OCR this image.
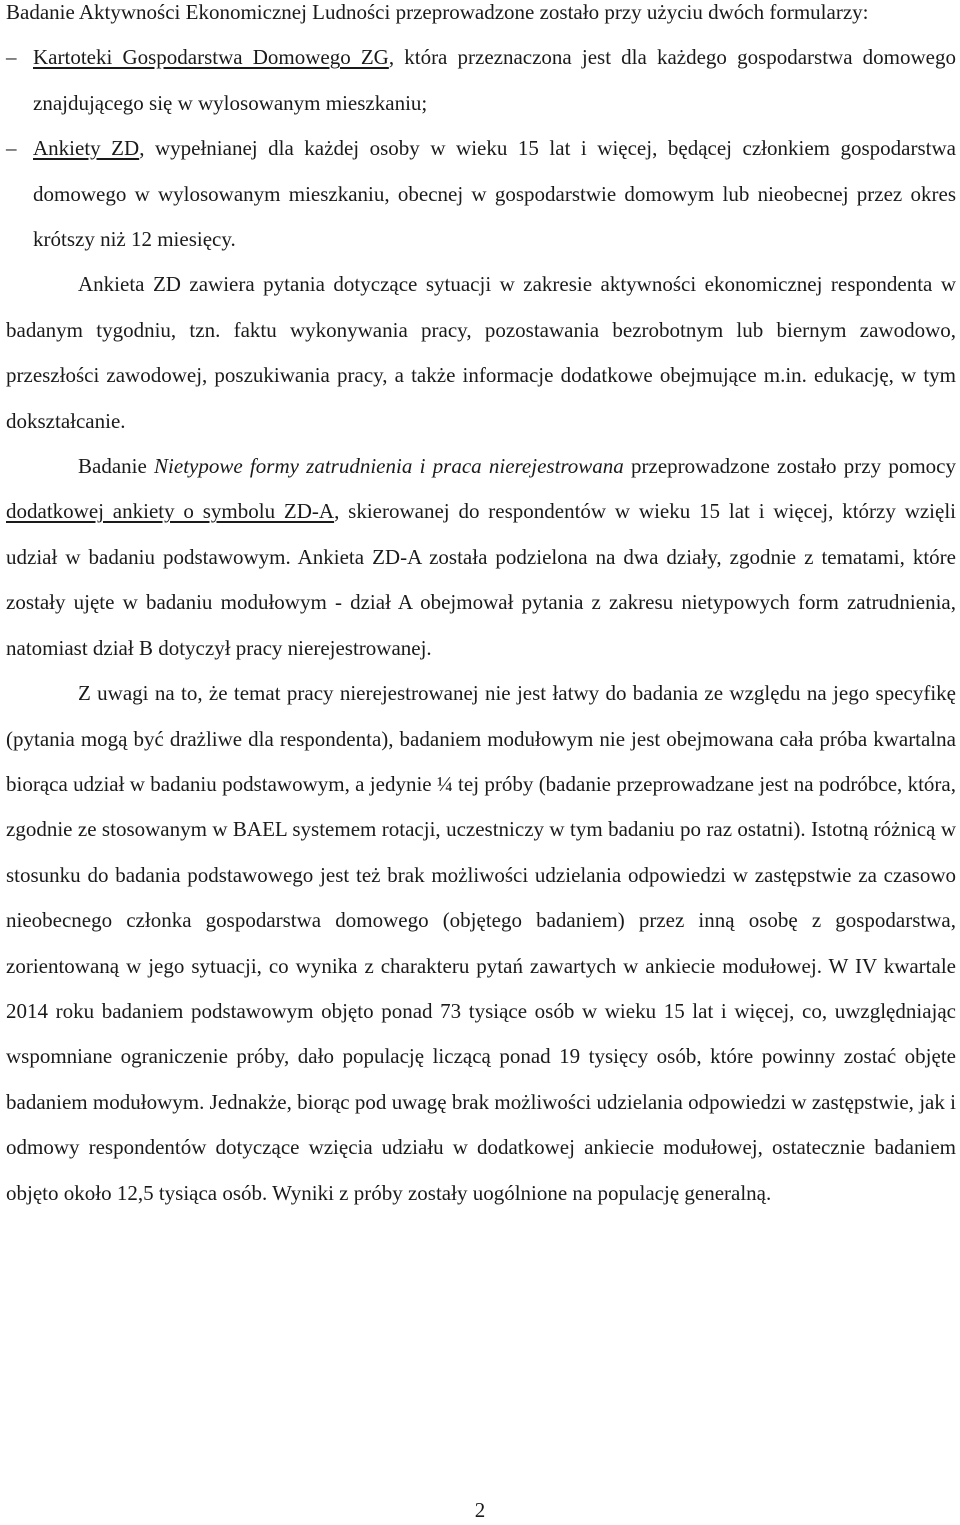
Badanie Aktywności Ekonomicznej Ludności przeprowadzone zostało przy użyciu dwóch formularzy:

– Kartoteki Gospodarstwa Domowego ZG, która przeznaczona jest dla każdego gospodarstwa domowego znajdującego się w wylosowanym mieszkaniu;

– Ankiety ZD, wypełnianej dla każdej osoby w wieku 15 lat i więcej, będącej członkiem gospodarstwa domowego w wylosowanym mieszkaniu, obecnej w gospodarstwie domowym lub nieobecnej przez okres krótszy niż 12 miesięcy.

Ankieta ZD zawiera pytania dotyczące sytuacji w zakresie aktywności ekonomicznej respondenta w badanym tygodniu, tzn. faktu wykonywania pracy, pozostawania bezrobotnym lub biernym zawodowo, przeszłości zawodowej, poszukiwania pracy, a także informacje dodatkowe obejmujące m.in. edukację, w tym dokształcanie.

Badanie Nietypowe formy zatrudnienia i praca nierejestrowana przeprowadzone zostało przy pomocy dodatkowej ankiety o symbolu ZD-A, skierowanej do respondentów w wieku 15 lat i więcej, którzy wzięli udział w badaniu podstawowym. Ankieta ZD-A została podzielona na dwa działy, zgodnie z tematami, które zostały ujęte w badaniu modułowym - dział A obejmował pytania z zakresu nietypowych form zatrudnienia, natomiast dział B dotyczył pracy nierejestrowanej.

Z uwagi na to, że temat pracy nierejestrowanej nie jest łatwy do badania ze względu na jego specyfikę (pytania mogą być drażliwe dla respondenta), badaniem modułowym nie jest obejmowana cała próba kwartalna biorąca udział w badaniu podstawowym, a jedynie ¼ tej próby (badanie przeprowadzane jest na podróbce, która, zgodnie ze stosowanym w BAEL systemem rotacji, uczestniczy w tym badaniu po raz ostatni). Istotną różnicą w stosunku do badania podstawowego jest też brak możliwości udzielania odpowiedzi w zastępstwie za czasowo nieobecnego członka gospodarstwa domowego (objętego badaniem) przez inną osobę z gospodarstwa, zorientowaną w jego sytuacji, co wynika z charakteru pytań zawartych w ankiecie modułowej. W IV kwartale 2014 roku badaniem podstawowym objęto ponad 73 tysiące osób w wieku 15 lat i więcej, co, uwzględniając wspomniane ograniczenie próby, dało populację liczącą ponad 19 tysięcy osób, które powinny zostać objęte badaniem modułowym. Jednakże, biorąc pod uwagę brak możliwości udzielania odpowiedzi w zastępstwie, jak i odmowy respondentów dotyczące wzięcia udziału w dodatkowej ankiecie modułowej, ostatecznie badaniem objęto około 12,5 tysiąca osób. Wyniki z próby zostały uogólnione na populację generalną.

2
